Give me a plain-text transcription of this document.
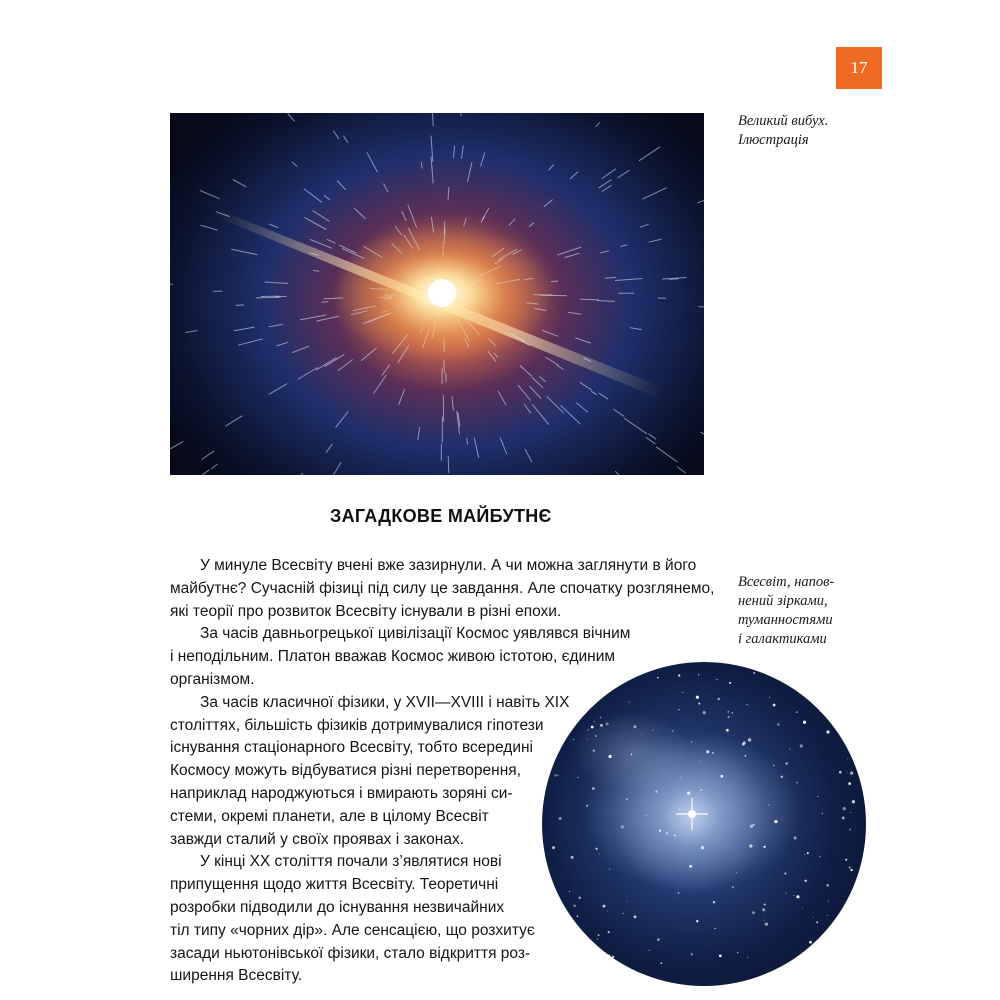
17
Великий вибух.
Ілюстрація
ЗАГАДКОВЕ МАЙБУТНЄ
У минуле Всесвіту вчені вже зазирнули. А чи можна заглянути в його
майбутнє? Сучасній фізиці під силу це завдання. Але спочатку розглянемо,
які теорії про розвиток Всесвіту існували в різні епохи.
За часів давньогрецької цивілізації Космос уявлявся вічним
і неподільним. Платон вважав Космос живою істотою, єдиним
організмом.
За часів класичної фізики, у XVII—XVIII і навіть XIX
століттях, більшість фізиків дотримувалися гіпотези
існування стаціонарного Всесвіту, тобто всередині
Космосу можуть відбуватися різні перетворення,
наприклад народжуються і вмирають зоряні си-
стеми, окремі планети, але в цілому Всесвіт
завжди сталий у своїх проявах і законах.
У кінці XX століття почали з’являтися нові
припущення щодо життя Всесвіту. Теоретичні
розробки підводили до існування незвичайних
тіл типу «чорних дір». Але сенсацією, що розхитує
засади ньютонівської фізики, стало відкриття роз-
ширення Всесвіту.
Всесвіт, напов-
нений зірками,
туманностями
і галактиками
